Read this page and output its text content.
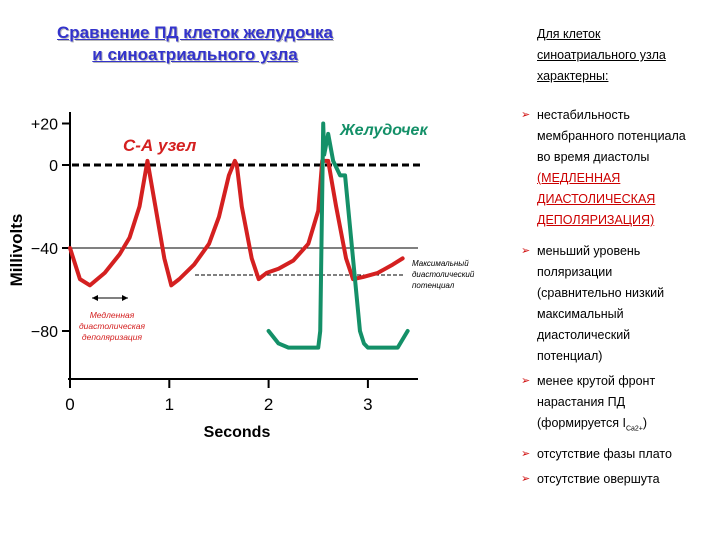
Сравнение ПД клеток желудочка
и синоатриального узла
+20
0
−40
−80
0	1	2	3
Seconds
Millivolts
С-А узел
Желудочек
Медленная
диастолическая
деполяризация
Максимальный
диастолический
потенциал
Для клеток
синоатриального узла
характерны:
➢ нестабильность
мембранного потенциала
во время диастолы
(МЕДЛЕННАЯ
ДИАСТОЛИЧЕСКАЯ
ДЕПОЛЯРИЗАЦИЯ)
➢ меньший уровень
поляризации
(сравнительно низкий
максимальный
диастолический
потенциал)
➢ менее крутой фронт
нарастания ПД
(формируется $I_{Ca2+}$)
➢ отсутствие фазы плато
➢ отсутствие овершута
